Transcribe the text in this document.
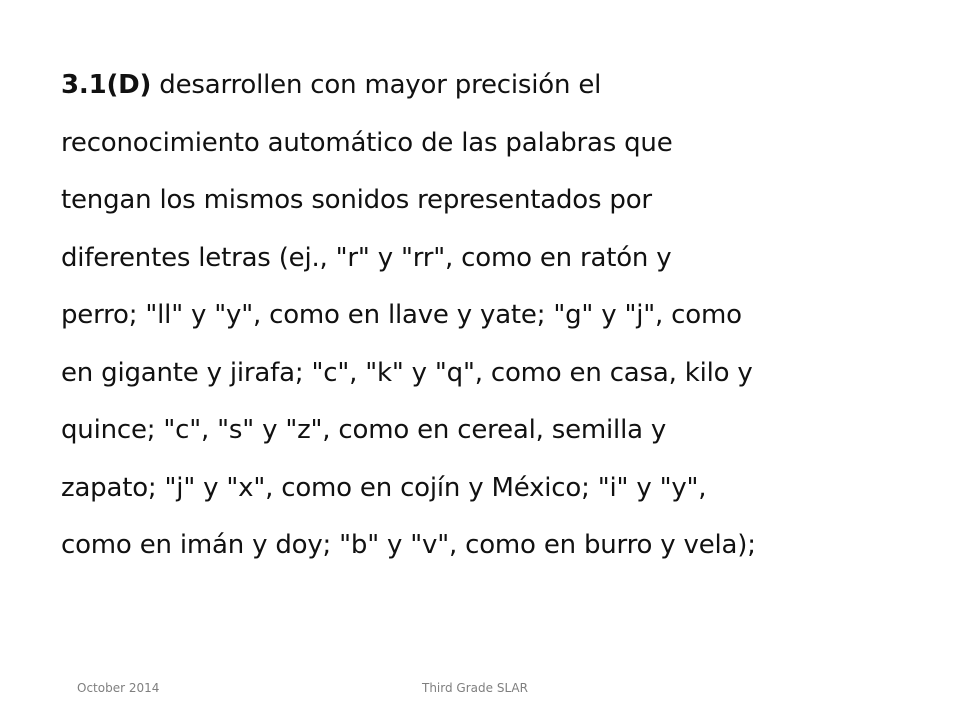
3.1(D) desarrollen con mayor precisión el
reconocimiento automático de las palabras que
tengan los mismos sonidos representados por
diferentes letras (ej., "r" y "rr", como en ratón y
perro; "ll" y "y", como en llave y yate; "g" y "j", como
en gigante y jirafa; "c", "k" y "q", como en casa, kilo y
quince; "c", "s" y "z", como en cereal, semilla y
zapato; "j" y "x", como en cojín y México; "i" y "y",
como en imán y doy; "b" y "v", como en burro y vela);
October 2014	Third Grade SLAR
